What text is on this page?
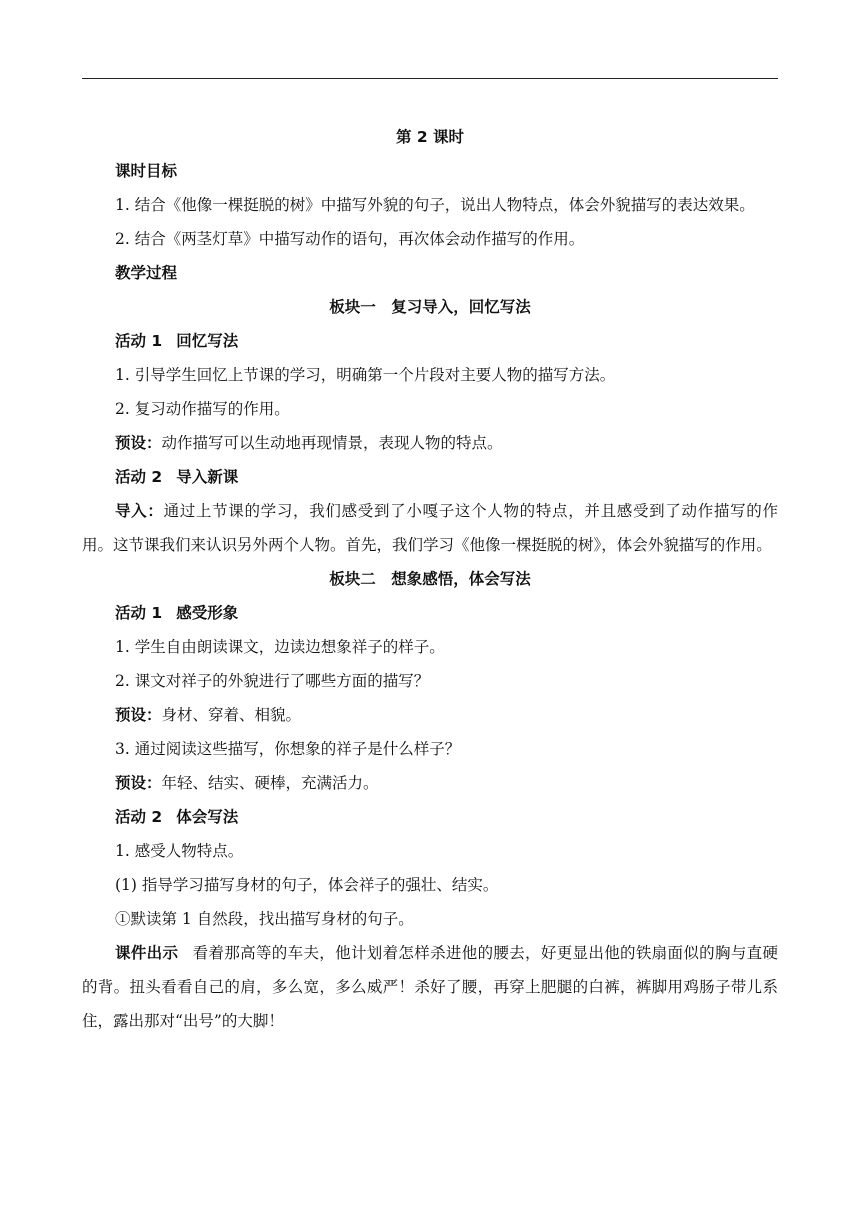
第 2 课时

课时目标

1. 结合《他像一棵挺脱的树》中描写外貌的句子，说出人物特点，体会外貌描写的表达效果。

2. 结合《两茎灯草》中描写动作的语句，再次体会动作描写的作用。

教学过程

板块一　复习导入，回忆写法

活动 1 回忆写法

1. 引导学生回忆上节课的学习，明确第一个片段对主要人物的描写方法。

2. 复习动作描写的作用。

预设：动作描写可以生动地再现情景，表现人物的特点。

活动 2 导入新课

导入：通过上节课的学习，我们感受到了小嘎子这个人物的特点，并且感受到了动作描写的作用。这节课我们来认识另外两个人物。首先，我们学习《他像一棵挺脱的树》，体会外貌描写的作用。

板块二　想象感悟，体会写法

活动 1 感受形象

1. 学生自由朗读课文，边读边想象祥子的样子。

2. 课文对祥子的外貌进行了哪些方面的描写？

预设：身材、穿着、相貌。

3. 通过阅读这些描写，你想象的祥子是什么样子？

预设：年轻、结实、硬棒，充满活力。

活动 2 体会写法

1. 感受人物特点。

(1) 指导学习描写身材的句子，体会祥子的强壮、结实。

①默读第 1 自然段，找出描写身材的句子。

课件出示 看着那高等的车夫，他计划着怎样杀进他的腰去，好更显出他的铁扇面似的胸与直硬的背。扭头看看自己的肩，多么宽，多么威严！杀好了腰，再穿上肥腿的白裤，裤脚用鸡肠子带儿系住，露出那对“出号”的大脚！
